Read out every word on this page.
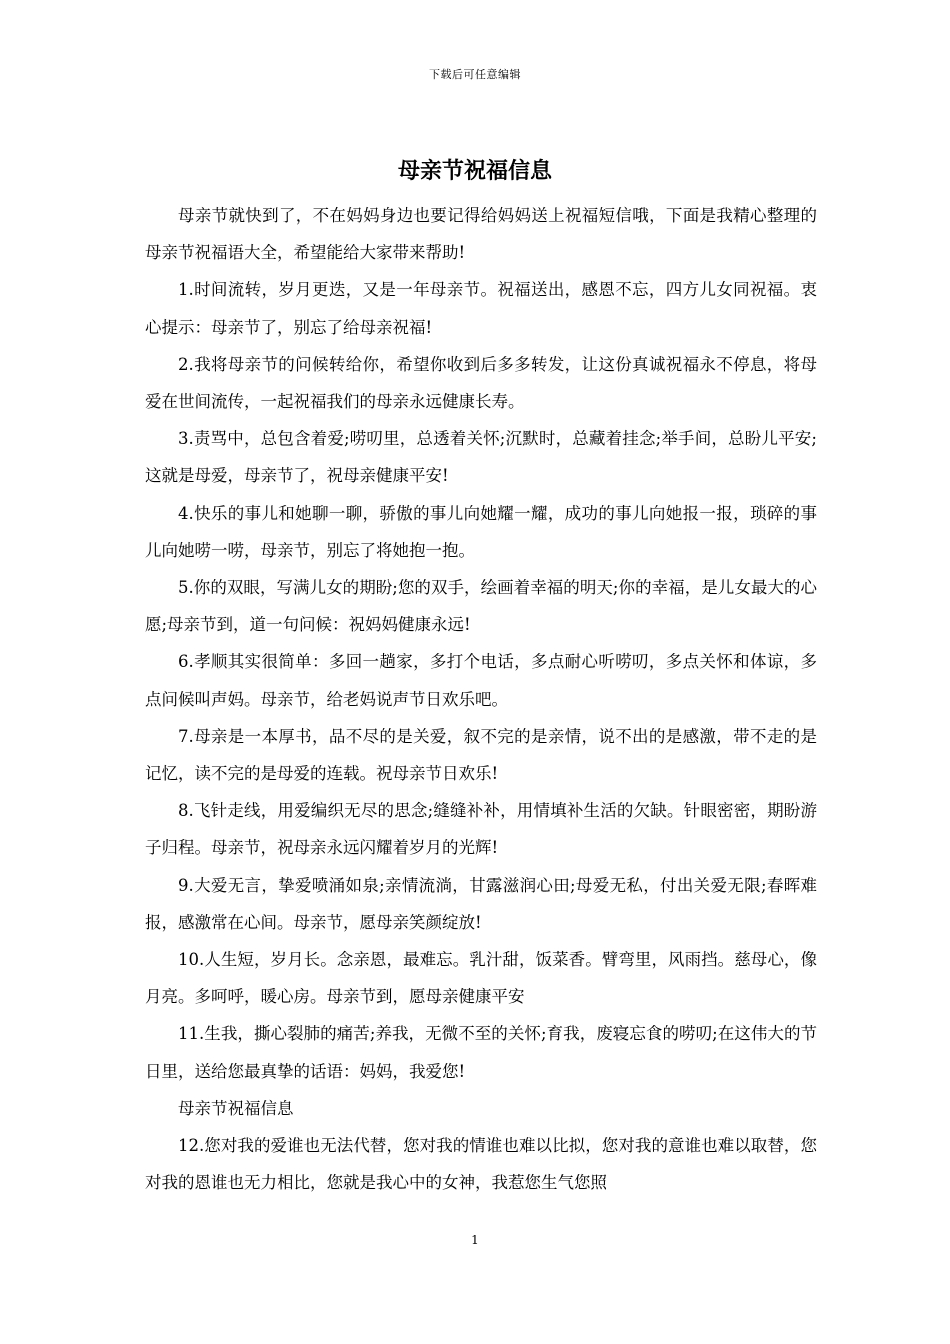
下载后可任意编辑
母亲节祝福信息

母亲节就快到了，不在妈妈身边也要记得给妈妈送上祝福短信哦，下面是我精心整理的母亲节祝福语大全，希望能给大家带来帮助!

1.时间流转，岁月更迭，又是一年母亲节。祝福送出，感恩不忘，四方儿女同祝福。衷心提示：母亲节了，别忘了给母亲祝福!

2.我将母亲节的问候转给你，希望你收到后多多转发，让这份真诚祝福永不停息，将母爱在世间流传，一起祝福我们的母亲永远健康长寿。

3.责骂中，总包含着爱;唠叨里，总透着关怀;沉默时，总藏着挂念;举手间，总盼儿平安;这就是母爱，母亲节了，祝母亲健康平安!

4.快乐的事儿和她聊一聊，骄傲的事儿向她耀一耀，成功的事儿向她报一报，琐碎的事儿向她唠一唠，母亲节，别忘了将她抱一抱。

5.你的双眼，写满儿女的期盼;您的双手，绘画着幸福的明天;你的幸福，是儿女最大的心愿;母亲节到，道一句问候：祝妈妈健康永远!

6.孝顺其实很简单：多回一趟家，多打个电话，多点耐心听唠叨，多点关怀和体谅，多点问候叫声妈。母亲节，给老妈说声节日欢乐吧。

7.母亲是一本厚书，品不尽的是关爱，叙不完的是亲情，说不出的是感激，带不走的是记忆，读不完的是母爱的连载。祝母亲节日欢乐!

8.飞针走线，用爱编织无尽的思念;缝缝补补，用情填补生活的欠缺。针眼密密，期盼游子归程。母亲节，祝母亲永远闪耀着岁月的光辉!

9.大爱无言，挚爱喷涌如泉;亲情流淌，甘露滋润心田;母爱无私，付出关爱无限;春晖难报，感激常在心间。母亲节，愿母亲笑颜绽放!

10.人生短，岁月长。念亲恩，最难忘。乳汁甜，饭菜香。臂弯里，风雨挡。慈母心，像月亮。多呵呼，暖心房。母亲节到，愿母亲健康平安

11.生我，撕心裂肺的痛苦;养我，无微不至的关怀;育我，废寝忘食的唠叨;在这伟大的节日里，送给您最真挚的话语：妈妈，我爱您!

母亲节祝福信息

12.您对我的爱谁也无法代替，您对我的情谁也难以比拟，您对我的意谁也难以取替，您对我的恩谁也无力相比，您就是我心中的女神，我惹您生气您照

1
